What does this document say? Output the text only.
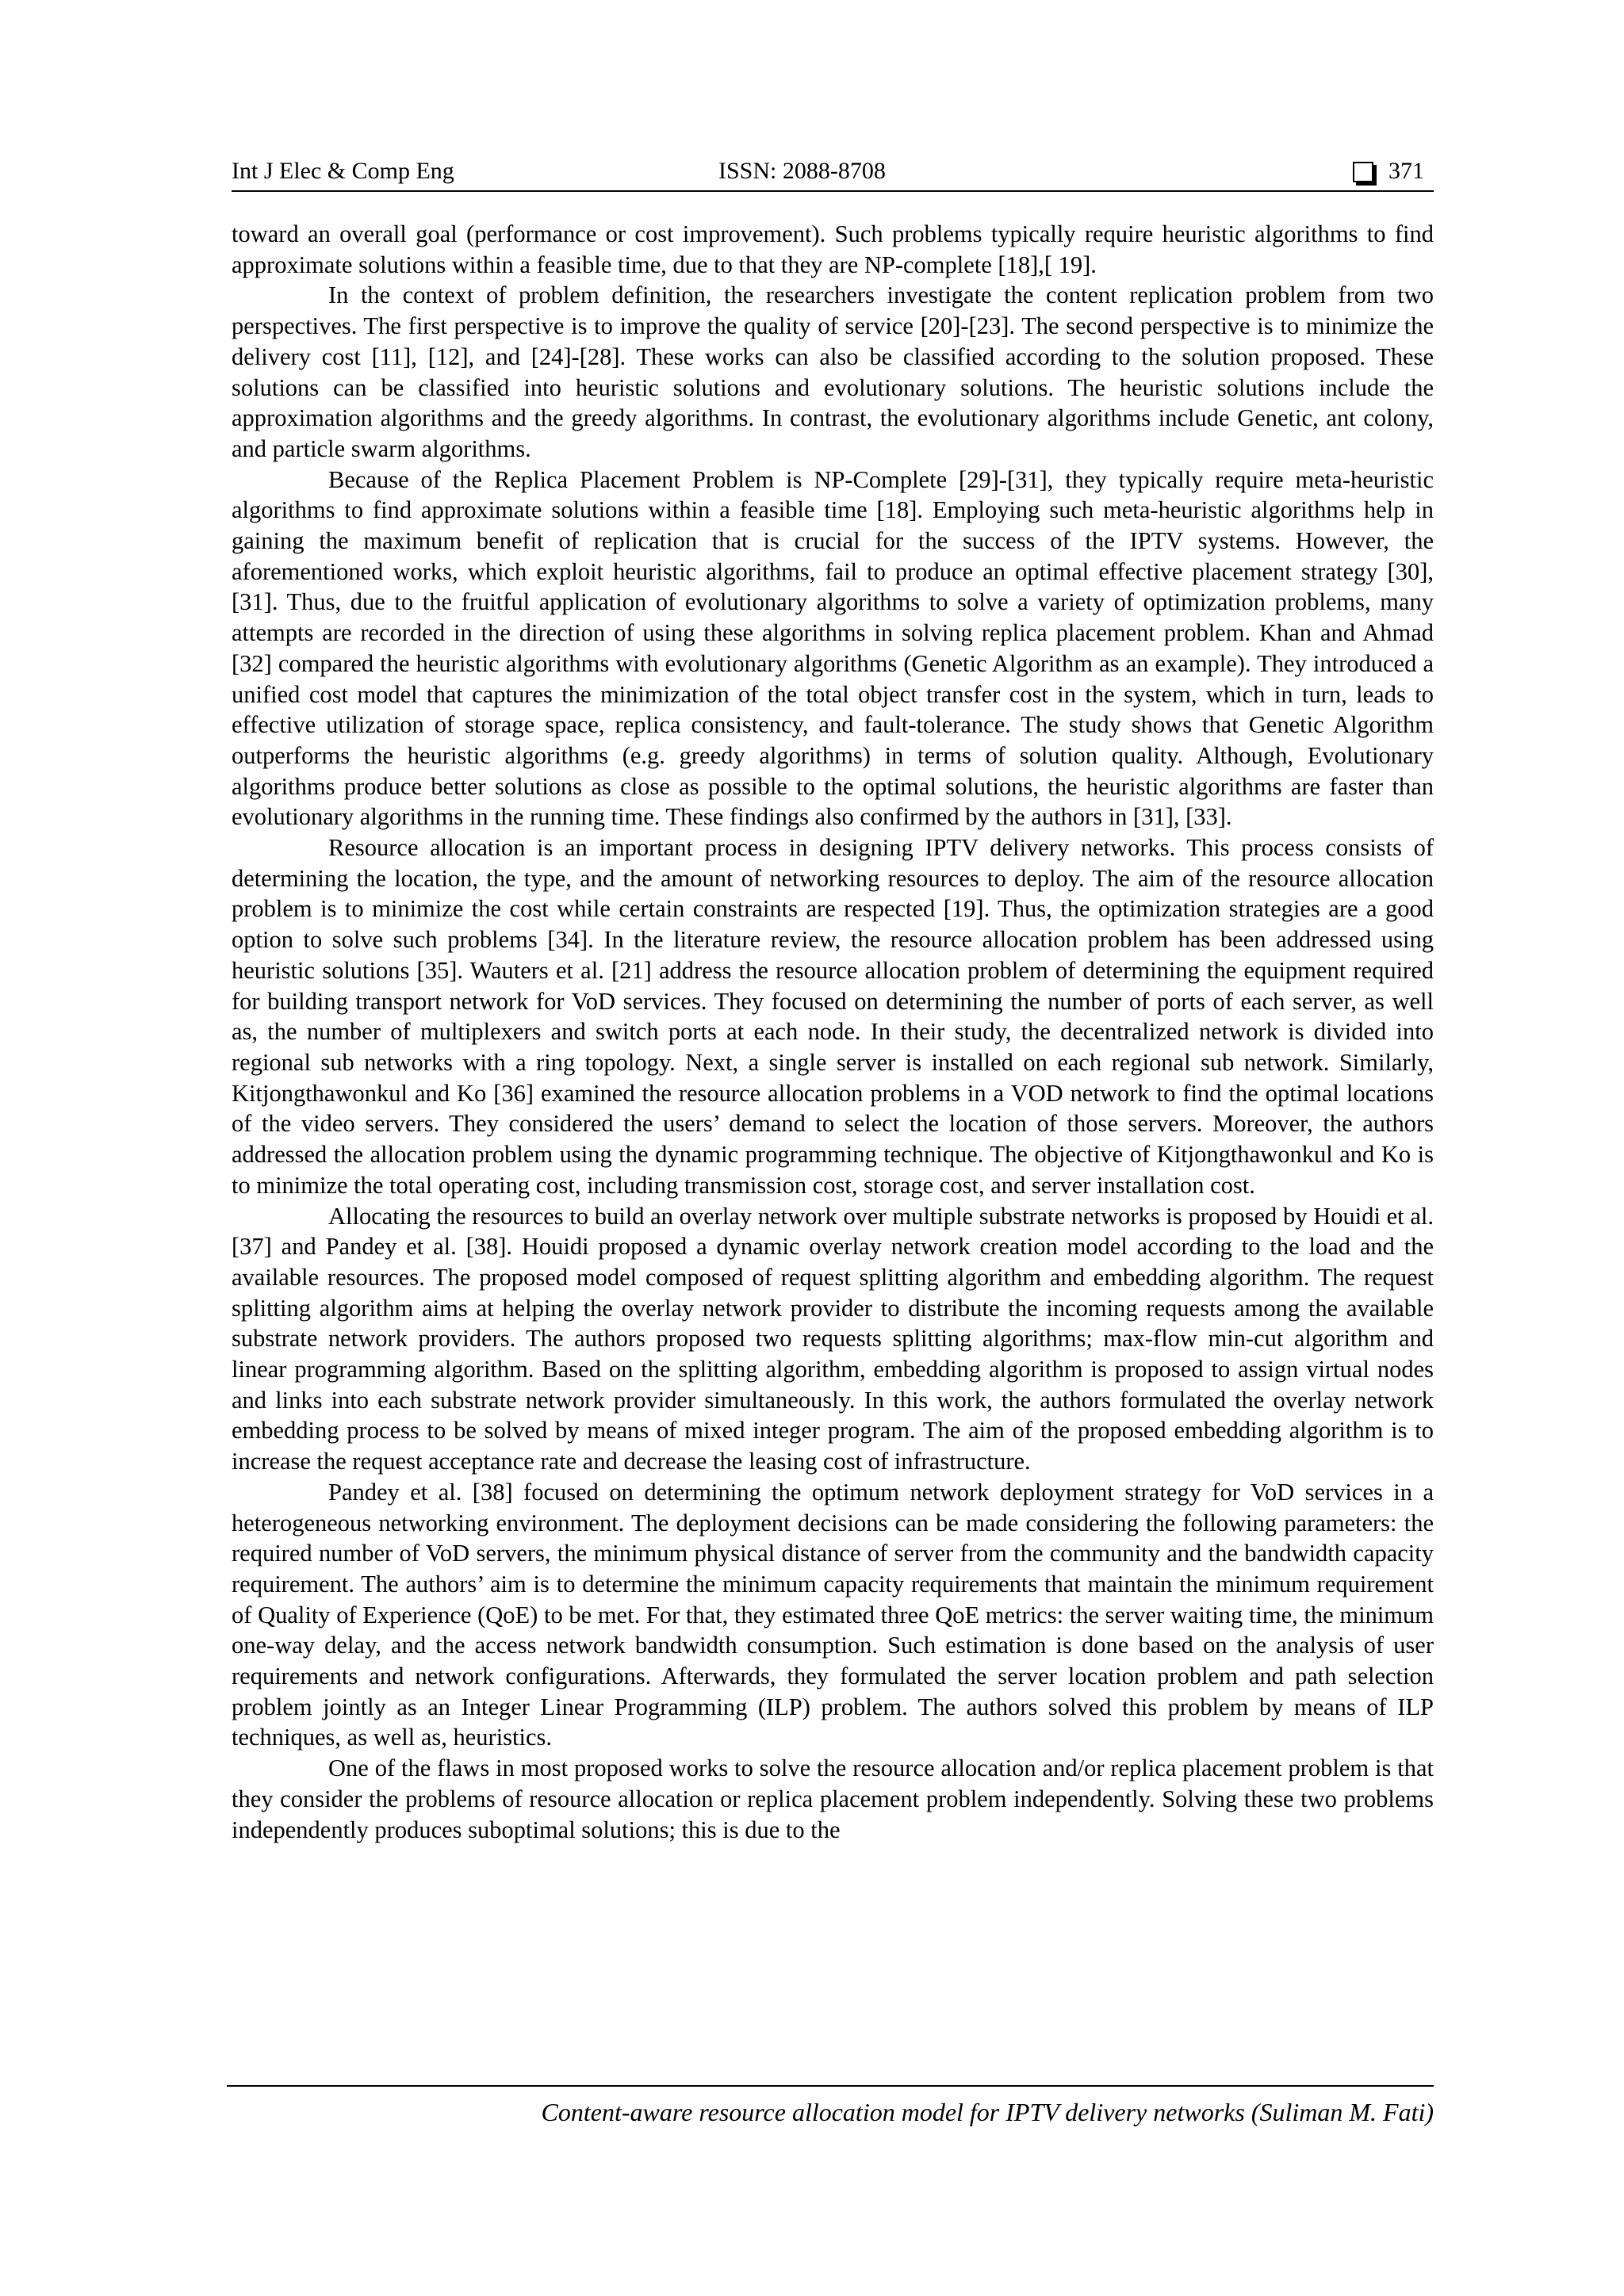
Int J Elec & Comp Eng	ISSN: 2088-8708	371

toward an overall goal (performance or cost improvement). Such problems typically require heuristic algorithms to find approximate solutions within a feasible time, due to that they are NP-complete [18],[ 19].

In the context of problem definition, the researchers investigate the content replication problem from two perspectives. The first perspective is to improve the quality of service [20]-[23]. The second perspective is to minimize the delivery cost [11], [12], and [24]-[28]. These works can also be classified according to the solution proposed. These solutions can be classified into heuristic solutions and evolutionary solutions. The heuristic solutions include the approximation algorithms and the greedy algorithms. In contrast, the evolutionary algorithms include Genetic, ant colony, and particle swarm algorithms.

Because of the Replica Placement Problem is NP-Complete [29]-[31], they typically require meta-heuristic algorithms to find approximate solutions within a feasible time [18]. Employing such meta-heuristic algorithms help in gaining the maximum benefit of replication that is crucial for the success of the IPTV systems. However, the aforementioned works, which exploit heuristic algorithms, fail to produce an optimal effective placement strategy [30], [31]. Thus, due to the fruitful application of evolutionary algorithms to solve a variety of optimization problems, many attempts are recorded in the direction of using these algorithms in solving replica placement problem. Khan and Ahmad [32] compared the heuristic algorithms with evolutionary algorithms (Genetic Algorithm as an example). They introduced a unified cost model that captures the minimization of the total object transfer cost in the system, which in turn, leads to effective utilization of storage space, replica consistency, and fault-tolerance. The study shows that Genetic Algorithm outperforms the heuristic algorithms (e.g. greedy algorithms) in terms of solution quality. Although, Evolutionary algorithms produce better solutions as close as possible to the optimal solutions, the heuristic algorithms are faster than evolutionary algorithms in the running time. These findings also confirmed by the authors in [31], [33].

Resource allocation is an important process in designing IPTV delivery networks. This process consists of determining the location, the type, and the amount of networking resources to deploy. The aim of the resource allocation problem is to minimize the cost while certain constraints are respected [19]. Thus, the optimization strategies are a good option to solve such problems [34]. In the literature review, the resource allocation problem has been addressed using heuristic solutions [35]. Wauters et al. [21] address the resource allocation problem of determining the equipment required for building transport network for VoD services. They focused on determining the number of ports of each server, as well as, the number of multiplexers and switch ports at each node. In their study, the decentralized network is divided into regional sub networks with a ring topology. Next, a single server is installed on each regional sub network. Similarly, Kitjongthawonkul and Ko [36] examined the resource allocation problems in a VOD network to find the optimal locations of the video servers. They considered the users’ demand to select the location of those servers. Moreover, the authors addressed the allocation problem using the dynamic programming technique. The objective of Kitjongthawonkul and Ko is to minimize the total operating cost, including transmission cost, storage cost, and server installation cost.

Allocating the resources to build an overlay network over multiple substrate networks is proposed by Houidi et al. [37] and Pandey et al. [38]. Houidi proposed a dynamic overlay network creation model according to the load and the available resources. The proposed model composed of request splitting algorithm and embedding algorithm. The request splitting algorithm aims at helping the overlay network provider to distribute the incoming requests among the available substrate network providers. The authors proposed two requests splitting algorithms; max-flow min-cut algorithm and linear programming algorithm. Based on the splitting algorithm, embedding algorithm is proposed to assign virtual nodes and links into each substrate network provider simultaneously. In this work, the authors formulated the overlay network embedding process to be solved by means of mixed integer program. The aim of the proposed embedding algorithm is to increase the request acceptance rate and decrease the leasing cost of infrastructure.

Pandey et al. [38] focused on determining the optimum network deployment strategy for VoD services in a heterogeneous networking environment. The deployment decisions can be made considering the following parameters: the required number of VoD servers, the minimum physical distance of server from the community and the bandwidth capacity requirement. The authors’ aim is to determine the minimum capacity requirements that maintain the minimum requirement of Quality of Experience (QoE) to be met. For that, they estimated three QoE metrics: the server waiting time, the minimum one-way delay, and the access network bandwidth consumption. Such estimation is done based on the analysis of user requirements and network configurations. Afterwards, they formulated the server location problem and path selection problem jointly as an Integer Linear Programming (ILP) problem. The authors solved this problem by means of ILP techniques, as well as, heuristics.

One of the flaws in most proposed works to solve the resource allocation and/or replica placement problem is that they consider the problems of resource allocation or replica placement problem independently. Solving these two problems independently produces suboptimal solutions; this is due to the

Content-aware resource allocation model for IPTV delivery networks (Suliman M. Fati)
